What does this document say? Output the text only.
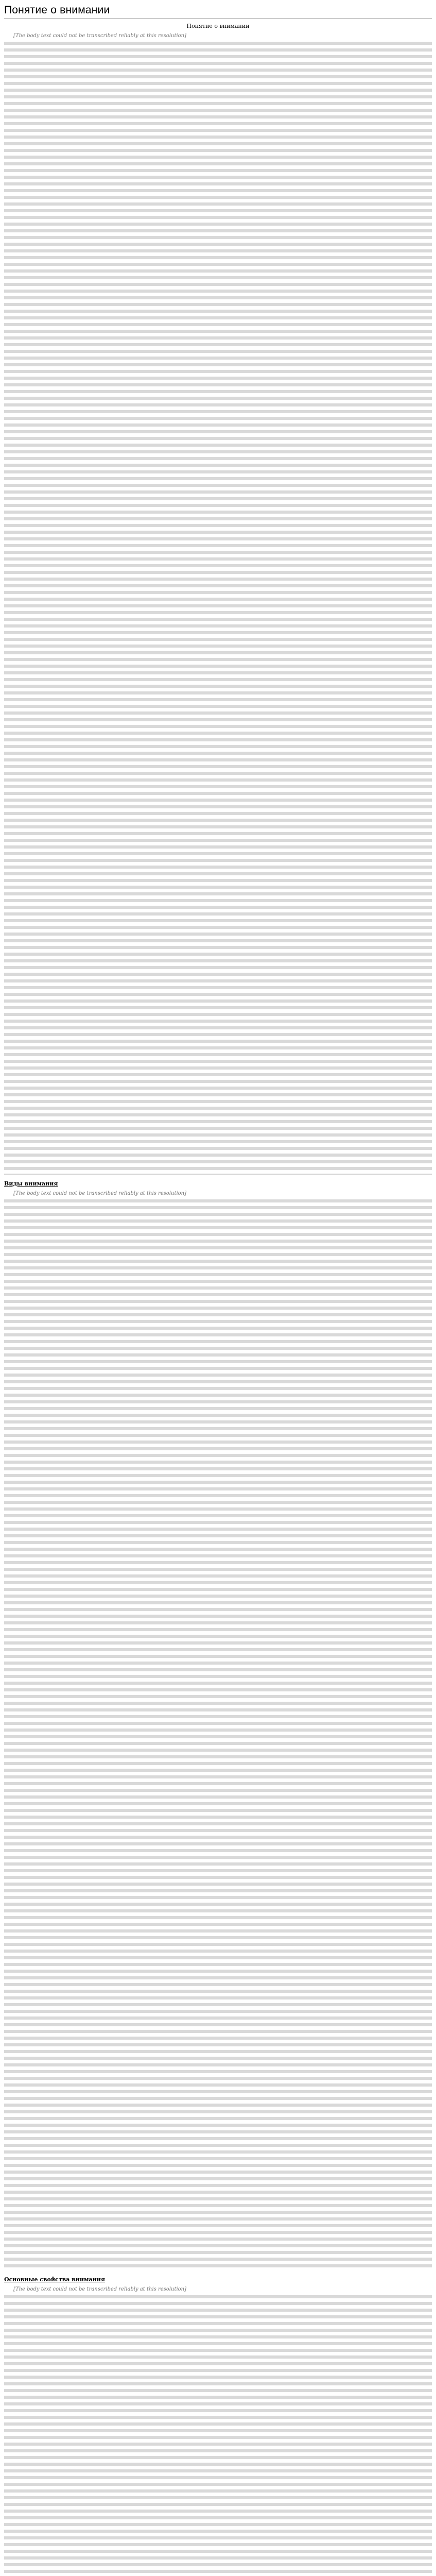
Понятие о внимании
Понятие о внимании

[The body text could not be transcribed reliably at this resolution]

Виды внимания

[The body text could not be transcribed reliably at this resolution]

Основные свойства внимания

[The body text could not be transcribed reliably at this resolution]
